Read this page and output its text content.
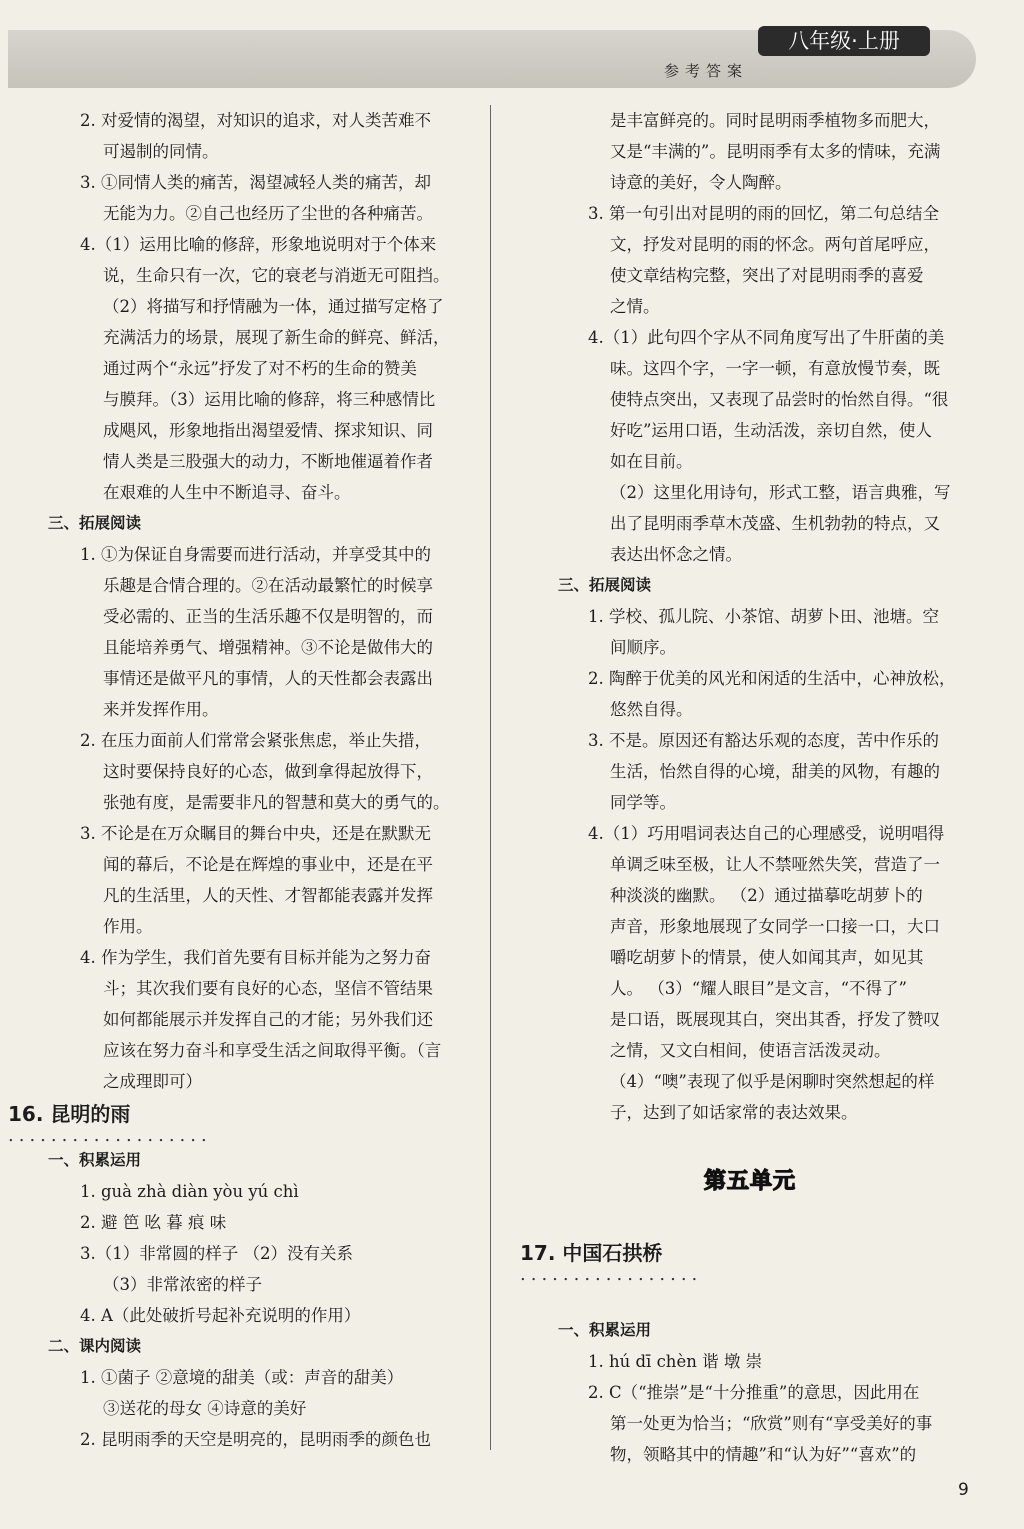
八年级·上册
参考答案
2. 对爱情的渴望，对知识的追求，对人类苦难不
可遏制的同情。
3. ①同情人类的痛苦，渴望减轻人类的痛苦，却
无能为力。②自己也经历了尘世的各种痛苦。
4.（1）运用比喻的修辞，形象地说明对于个体来
说，生命只有一次，它的衰老与消逝无可阻挡。
（2）将描写和抒情融为一体，通过描写定格了
充满活力的场景，展现了新生命的鲜亮、鲜活，
通过两个“永远”抒发了对不朽的生命的赞美
与膜拜。（3）运用比喻的修辞，将三种感情比
成飓风，形象地指出渴望爱情、探求知识、同
情人类是三股强大的动力，不断地催逼着作者
在艰难的人生中不断追寻、奋斗。
三、拓展阅读
1. ①为保证自身需要而进行活动，并享受其中的
乐趣是合情合理的。②在活动最繁忙的时候享
受必需的、正当的生活乐趣不仅是明智的，而
且能培养勇气、增强精神。③不论是做伟大的
事情还是做平凡的事情，人的天性都会表露出
来并发挥作用。
2. 在压力面前人们常常会紧张焦虑，举止失措，
这时要保持良好的心态，做到拿得起放得下，
张弛有度，是需要非凡的智慧和莫大的勇气的。
3. 不论是在万众瞩目的舞台中央，还是在默默无
闻的幕后，不论是在辉煌的事业中，还是在平
凡的生活里，人的天性、才智都能表露并发挥
作用。
4. 作为学生，我们首先要有目标并能为之努力奋
斗；其次我们要有良好的心态，坚信不管结果
如何都能展示并发挥自己的才能；另外我们还
应该在努力奋斗和享受生活之间取得平衡。（言
之成理即可）
16. 昆明的雨
...................
一、积累运用
1. guà zhà diàn yòu yú chì
2. 避 笆 吆 暮 痕 味
3.（1）非常圆的样子 （2）没有关系
（3）非常浓密的样子
4. A（此处破折号起补充说明的作用）
二、课内阅读
1. ①菌子 ②意境的甜美（或：声音的甜美）
③送花的母女 ④诗意的美好
2. 昆明雨季的天空是明亮的，昆明雨季的颜色也
是丰富鲜亮的。同时昆明雨季植物多而肥大，
又是“丰满的”。昆明雨季有太多的情味，充满
诗意的美好，令人陶醉。
3. 第一句引出对昆明的雨的回忆，第二句总结全
文，抒发对昆明的雨的怀念。两句首尾呼应，
使文章结构完整，突出了对昆明雨季的喜爱
之情。
4.（1）此句四个字从不同角度写出了牛肝菌的美
味。这四个字，一字一顿，有意放慢节奏，既
使特点突出，又表现了品尝时的怡然自得。“很
好吃”运用口语，生动活泼，亲切自然，使人
如在目前。
（2）这里化用诗句，形式工整，语言典雅，写
出了昆明雨季草木茂盛、生机勃勃的特点，又
表达出怀念之情。
三、拓展阅读
1. 学校、孤儿院、小茶馆、胡萝卜田、池塘。空
间顺序。
2. 陶醉于优美的风光和闲适的生活中，心神放松，
悠然自得。
3. 不是。原因还有豁达乐观的态度，苦中作乐的
生活，怡然自得的心境，甜美的风物，有趣的
同学等。
4.（1）巧用唱词表达自己的心理感受，说明唱得
单调乏味至极，让人不禁哑然失笑，营造了一
种淡淡的幽默。 （2）通过描摹吃胡萝卜的
声音，形象地展现了女同学一口接一口，大口
嚼吃胡萝卜的情景，使人如闻其声，如见其
人。 （3）“耀人眼目”是文言，“不得了”
是口语，既展现其白，突出其香，抒发了赞叹
之情，又文白相间，使语言活泼灵动。
（4）“噢”表现了似乎是闲聊时突然想起的样
子，达到了如话家常的表达效果。
第五单元
17. 中国石拱桥
.................
一、积累运用
1. hú dī chèn 谐 墩 崇
2. C（“推崇”是“十分推重”的意思，因此用在
第一处更为恰当；“欣赏”则有“享受美好的事
物，领略其中的情趣”和“认为好”“喜欢”的
9
